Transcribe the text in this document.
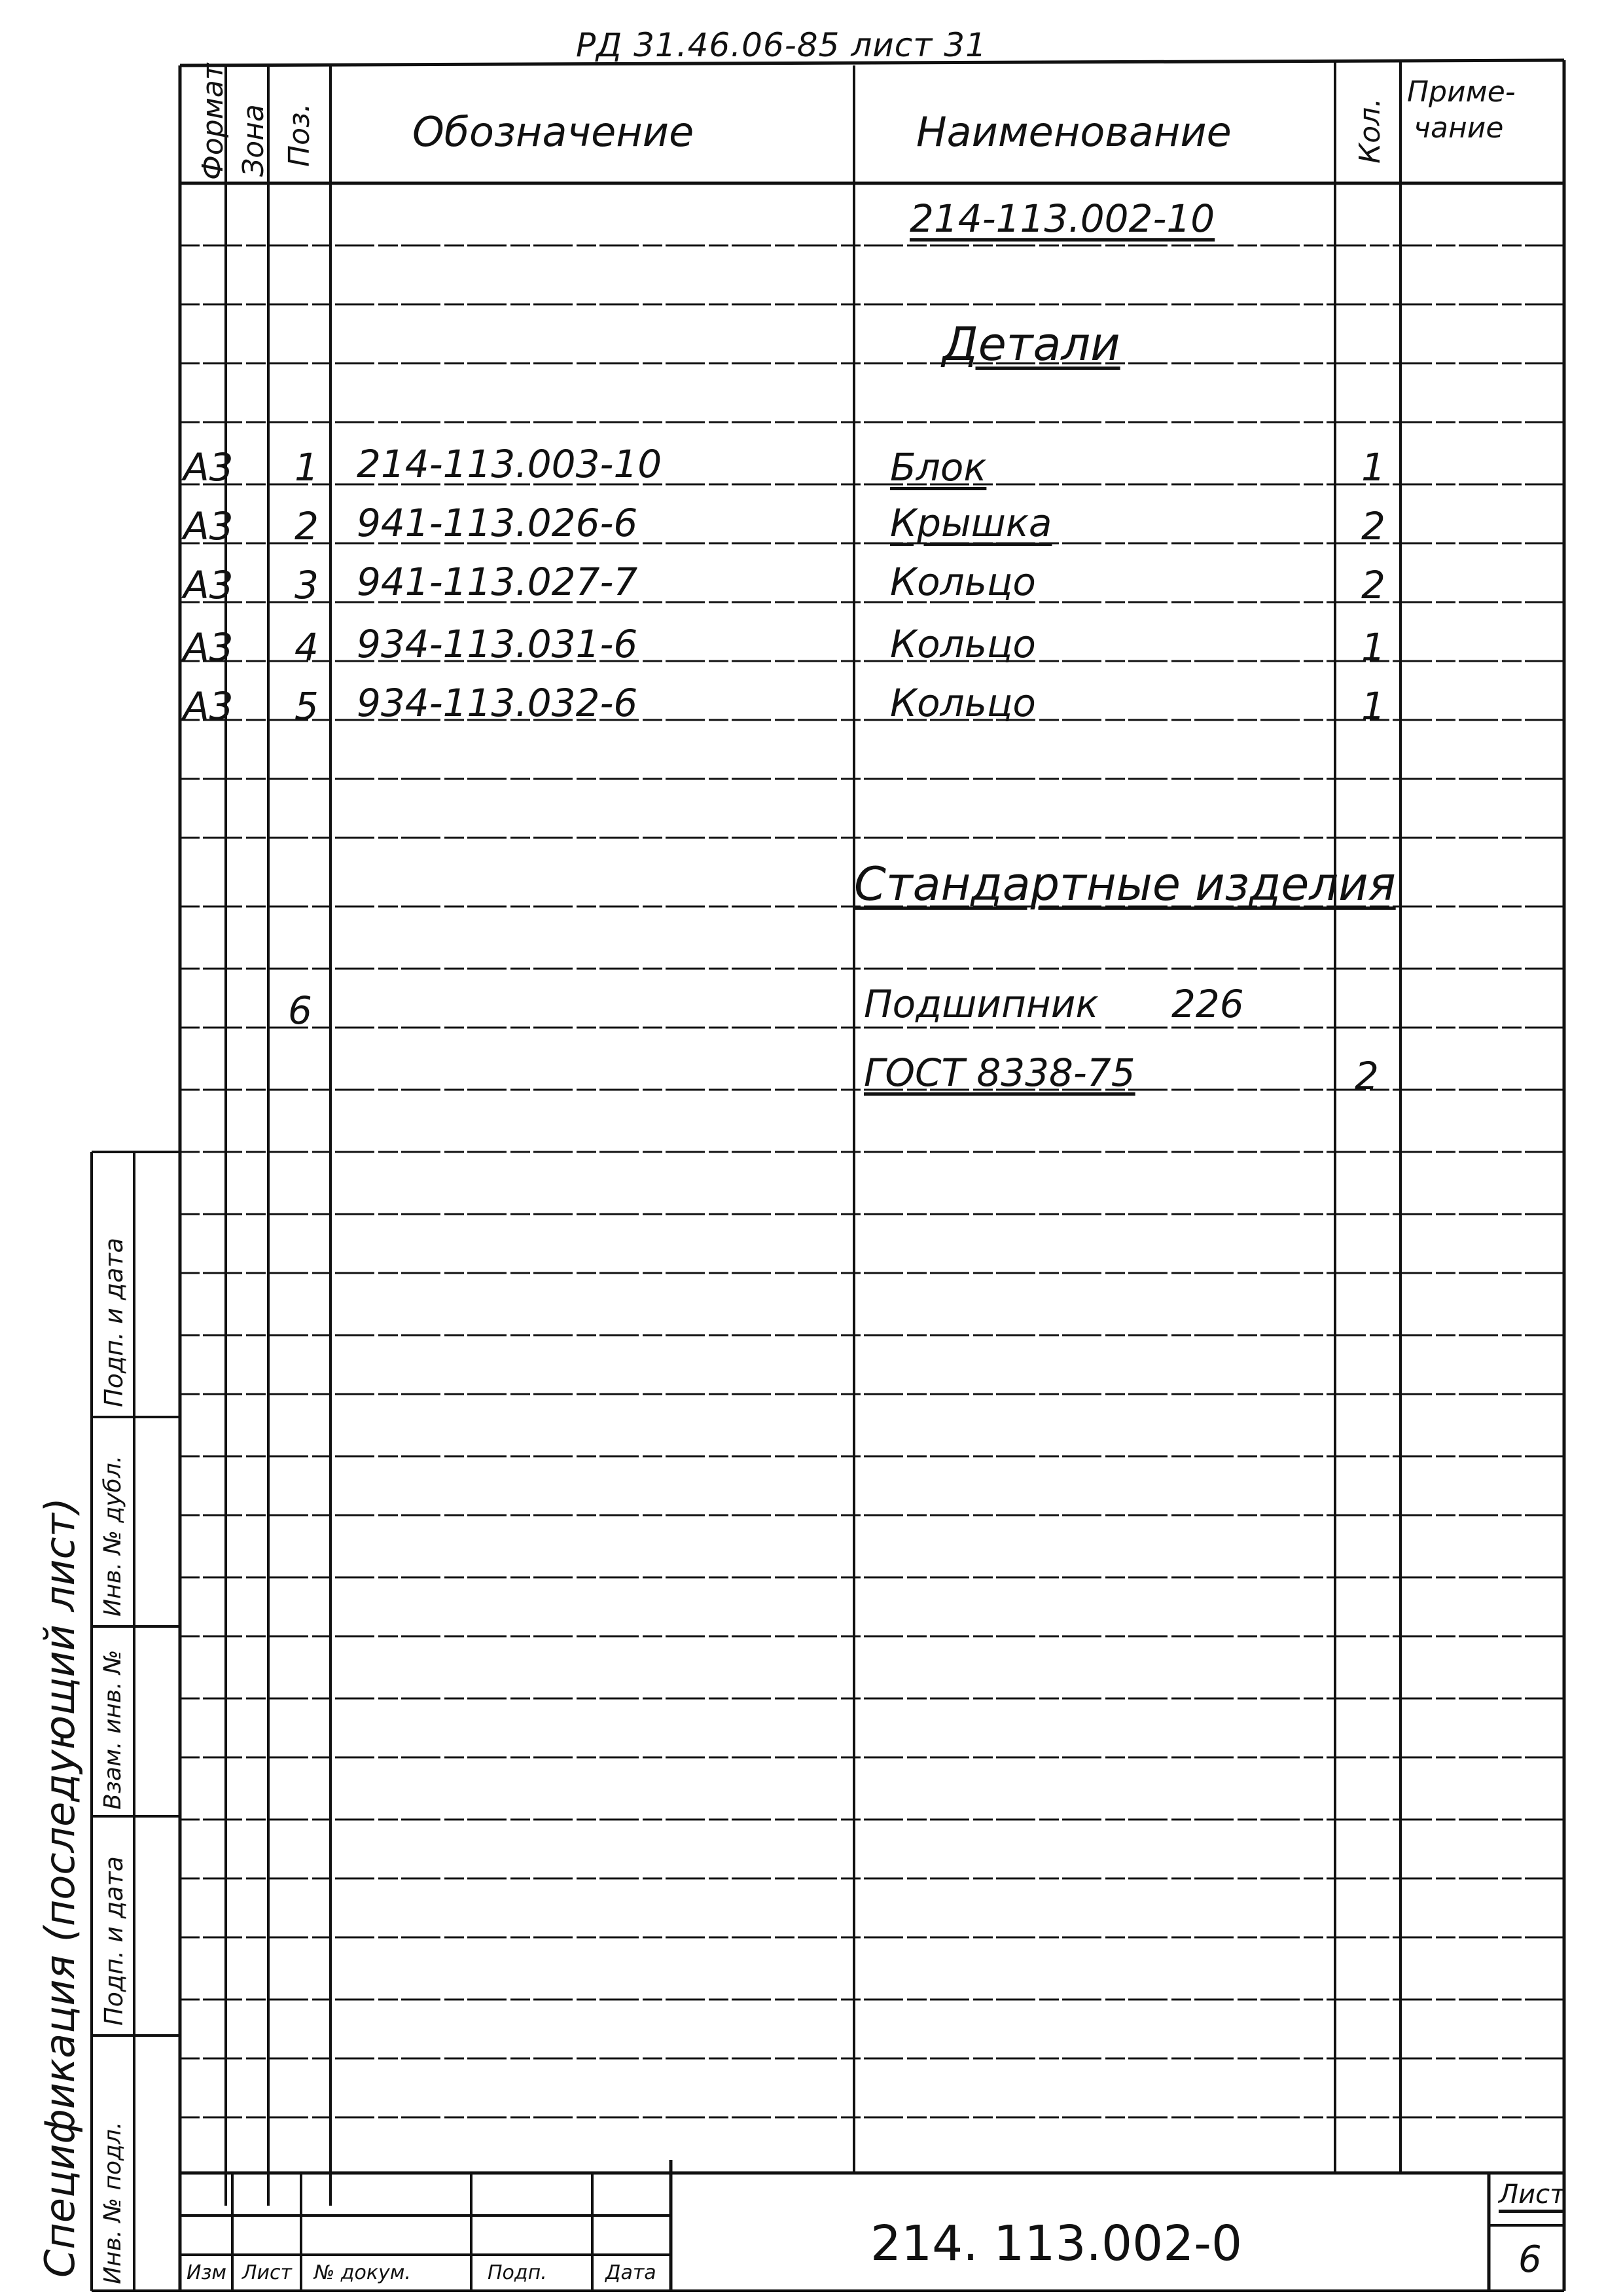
РД 31.46.06-85 лист 31
Формат Зона Поз. Обозначение	Наименование	Кол.
Приме-
чание
214-113.002-10
Детали
А3 1 214-113.003-10	Блок	1
А3 2 941-113.026-6	Крышка	2
А3 3 941-113.027-7	Кольцо	2
А3 4 934-113.031-6	Кольцо	1
А3 5 934-113.032-6	Кольцо	1
Стандартные изделия
6	Подшипник 226
ГОСТ 8338-75	2
Подп. и дата
Инв. № дубл.
Взам. инв. №
Подп. и дата
Инв. № подл.
Спецификация (последующий лист)	214. 113.002-0
Лист
6
Изм Лист № докум.	Подп.	Дата
